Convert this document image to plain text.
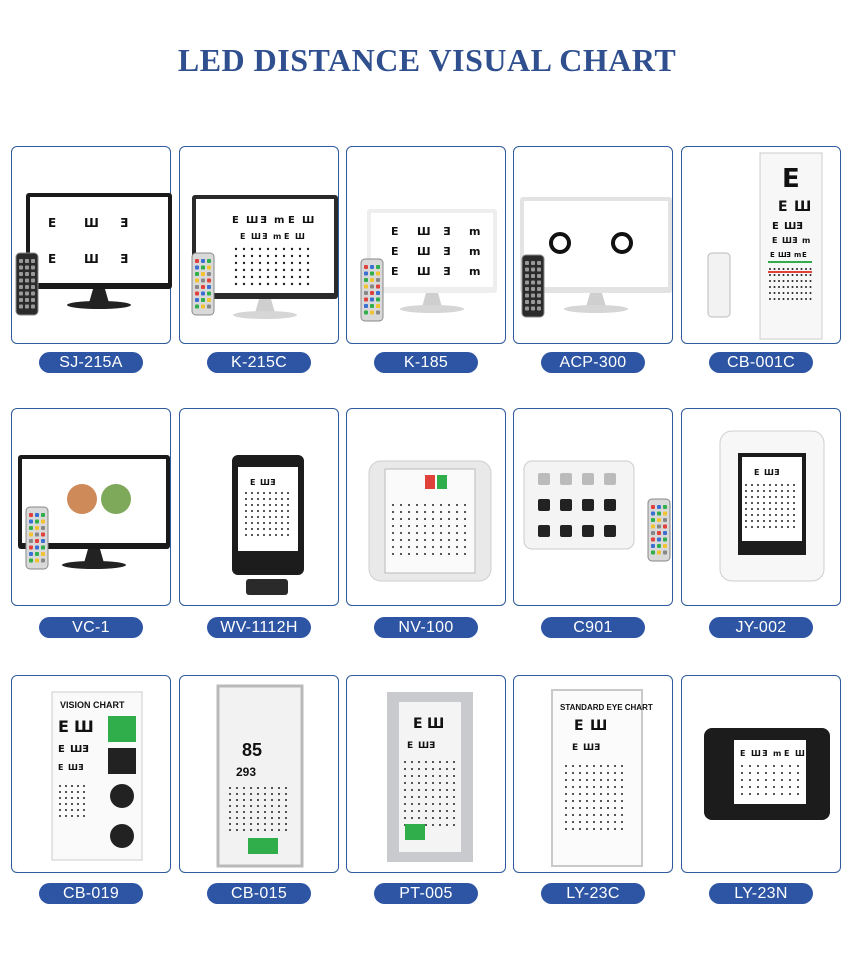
LED DISTANCE VISUAL CHART
E Ш Ǝ
E Ш Ǝ
SJ-215A
E Ш Ǝ m E Ш
E Ш Ǝ m E Ш
K-215C
E Ш Ǝ m
E Ш Ǝ m
E Ш Ǝ m
K-185	ACP-300
E
E Ш
E Ш Ǝ
E Ш Ǝ m
E Ш Ǝ m E
CB-001C
VC-1
E Ш Ǝ
WV-1112H	NV-100	C901
E Ш Ǝ
JY-002
VISION CHART
E Ш
E Ш Ǝ
E Ш Ǝ
CB-019
85
293
CB-015
E Ш
E Ш Ǝ
PT-005
STANDARD EYE CHART
E Ш
E Ш Ǝ
LY-23C
E Ш Ǝ m E Ш
LY-23N
